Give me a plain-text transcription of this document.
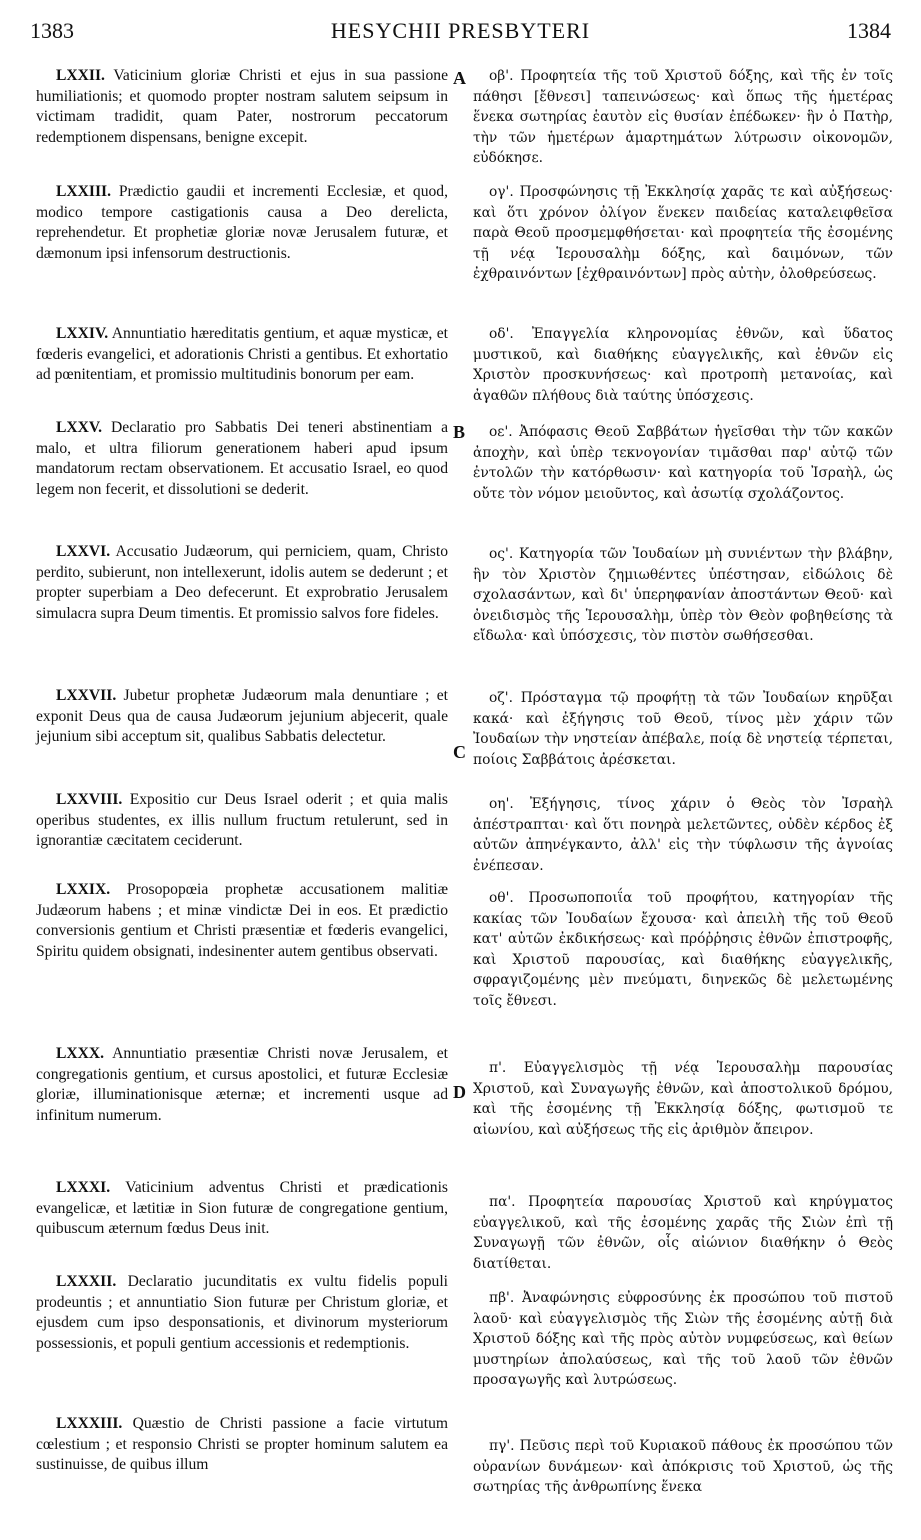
1383	HESYCHII PRESBYTERI	1384
A
B
C
D

LXXII. Vaticinium gloriæ Christi et ejus in sua passione humiliationis; et quomodo propter nostram salutem seipsum in victimam tradidit, quam Pater, nostrorum peccatorum redemptionem dispensans, benigne excepit.

LXXIII. Prædictio gaudii et incrementi Ecclesiæ, et quod, modico tempore castigationis causa a Deo derelicta, reprehendetur. Et prophetiæ gloriæ novæ Jerusalem futuræ, et dæmonum ipsi infensorum destructionis.

LXXIV. Annuntiatio hæreditatis gentium, et aquæ mysticæ, et fœderis evangelici, et adorationis Christi a gentibus. Et exhortatio ad pœnitentiam, et promissio multitudinis bonorum per eam.

LXXV. Declaratio pro Sabbatis Dei teneri abstinentiam a malo, et ultra filiorum generationem haberi apud ipsum mandatorum rectam observationem. Et accusatio Israel, eo quod legem non fecerit, et dissolutioni se dederit.

LXXVI. Accusatio Judæorum, qui perniciem, quam, Christo perdito, subierunt, non intellexerunt, idolis autem se dederunt ; et propter superbiam a Deo defecerunt. Et exprobratio Jerusalem simulacra supra Deum timentis. Et promissio salvos fore fideles.

LXXVII. Jubetur prophetæ Judæorum mala denuntiare ; et exponit Deus qua de causa Judæorum jejunium abjecerit, quale jejunium sibi acceptum sit, qualibus Sabbatis delectetur.

LXXVIII. Expositio cur Deus Israel oderit ; et quia malis operibus studentes, ex illis nullum fructum retulerunt, sed in ignorantiæ cæcitatem ceciderunt.

LXXIX. Prosopopœia prophetæ accusationem malitiæ Judæorum habens ; et minæ vindictæ Dei in eos. Et prædictio conversionis gentium et Christi præsentiæ et fœderis evangelici, Spiritu quidem obsignati, indesinenter autem gentibus observati.

LXXX. Annuntiatio præsentiæ Christi novæ Jerusalem, et congregationis gentium, et cursus apostolici, et futuræ Ecclesiæ gloriæ, illuminationisque æternæ; et incrementi usque ad infinitum numerum.

LXXXI. Vaticinium adventus Christi et prædicationis evangelicæ, et lætitiæ in Sion futuræ de congregatione gentium, quibuscum æternum fœdus Deus init.

LXXXII. Declaratio jucunditatis ex vultu fidelis populi prodeuntis ; et annuntiatio Sion futuræ per Christum gloriæ, et ejusdem cum ipso desponsationis, et divinorum mysteriorum possessionis, et populi gentium accessionis et redemptionis.

LXXXIII. Quæstio de Christi passione a facie virtutum cœlestium ; et responsio Christi se propter hominum salutem ea sustinuisse, de quibus illum

οβ'. Προφητεία τῆς τοῦ Χριστοῦ δόξης, καὶ τῆς ἐν τοῖς πάθησι [ἔθνεσι] ταπεινώσεως· καὶ ὅπως τῆς ἡμετέρας ἕνεκα σωτηρίας ἑαυτὸν εἰς θυσίαν ἐπέδωκεν· ἣν ὁ Πατὴρ, τὴν τῶν ἡμετέρων ἁμαρτημάτων λύτρωσιν οἰκονομῶν, εὐδόκησε.

ογ'. Προσφώνησις τῇ Ἐκκλησίᾳ χαρᾶς τε καὶ αὐξήσεως· καὶ ὅτι χρόνον ὀλίγον ἕνεκεν παιδείας καταλειφθεῖσα παρὰ Θεοῦ προσμεμφθήσεται· καὶ προφητεία τῆς ἐσομένης τῇ νέᾳ Ἱερουσαλὴμ δόξης, καὶ δαιμόνων, τῶν ἐχθραινόντων [ἐχθραινόντων] πρὸς αὐτὴν, ὀλοθρεύσεως.

οδ'. Ἐπαγγελία κληρονομίας ἐθνῶν, καὶ ὕδατος μυστικοῦ, καὶ διαθήκης εὐαγγελικῆς, καὶ ἐθνῶν εἰς Χριστὸν προσκυνήσεως· καὶ προτροπὴ μετανοίας, καὶ ἀγαθῶν πλήθους διὰ ταύτης ὑπόσχεσις.

οε'. Ἀπόφασις Θεοῦ Σαββάτων ἡγεῖσθαι τὴν τῶν κακῶν ἀποχὴν, καὶ ὑπὲρ τεκνογονίαν τιμᾶσθαι παρ' αὐτῷ τῶν ἐντολῶν τὴν κατόρθωσιν· καὶ κατηγορία τοῦ Ἰσραὴλ, ὡς οὔτε τὸν νόμον μειοῦντος, καὶ ἀσωτίᾳ σχολάζοντος.

ος'. Κατηγορία τῶν Ἰουδαίων μὴ συνιέντων τὴν βλάβην, ἣν τὸν Χριστὸν ζημιωθέντες ὑπέστησαν, εἰδώλοις δὲ σχολασάντων, καὶ δι' ὑπερηφανίαν ἀποστάντων Θεοῦ· καὶ ὀνειδισμὸς τῆς Ἱερουσαλὴμ, ὑπὲρ τὸν Θεὸν φοβηθείσης τὰ εἴδωλα· καὶ ὑπόσχεσις, τὸν πιστὸν σωθήσεσθαι.

οζ'. Πρόσταγμα τῷ προφήτῃ τὰ τῶν Ἰουδαίων κηρῦξαι κακά· καὶ ἐξήγησις τοῦ Θεοῦ, τίνος μὲν χάριν τῶν Ἰουδαίων τὴν νηστείαν ἀπέβαλε, ποίᾳ δὲ νηστείᾳ τέρπεται, ποίοις Σαββάτοις ἀρέσκεται.

οη'. Ἐξήγησις, τίνος χάριν ὁ Θεὸς τὸν Ἰσραὴλ ἀπέστραπται· καὶ ὅτι πονηρὰ μελετῶντες, οὐδὲν κέρδος ἐξ αὐτῶν ἀπηνέγκαντο, ἀλλ' εἰς τὴν τύφλωσιν τῆς ἀγνοίας ἐνέπεσαν.

οθ'. Προσωποποιΐα τοῦ προφήτου, κατηγορίαν τῆς κακίας τῶν Ἰουδαίων ἔχουσα· καὶ ἀπειλὴ τῆς τοῦ Θεοῦ κατ' αὐτῶν ἐκδικήσεως· καὶ πρόῤῥησις ἐθνῶν ἐπιστροφῆς, καὶ Χριστοῦ παρουσίας, καὶ διαθήκης εὐαγγελικῆς, σφραγιζομένης μὲν πνεύματι, διηνεκῶς δὲ μελετωμένης τοῖς ἔθνεσι.

π'. Εὐαγγελισμὸς τῇ νέᾳ Ἱερουσαλὴμ παρουσίας Χριστοῦ, καὶ Συναγωγῆς ἐθνῶν, καὶ ἀποστολικοῦ δρόμου, καὶ τῆς ἐσομένης τῇ Ἐκκλησίᾳ δόξης, φωτισμοῦ τε αἰωνίου, καὶ αὐξήσεως τῆς εἰς ἀριθμὸν ἄπειρον.

πα'. Προφητεία παρουσίας Χριστοῦ καὶ κηρύγματος εὐαγγελικοῦ, καὶ τῆς ἐσομένης χαρᾶς τῆς Σιὼν ἐπὶ τῇ Συναγωγῇ τῶν ἐθνῶν, οἷς αἰώνιον διαθήκην ὁ Θεὸς διατίθεται.

πβ'. Ἀναφώνησις εὐφροσύνης ἐκ προσώπου τοῦ πιστοῦ λαοῦ· καὶ εὐαγγελισμὸς τῆς Σιὼν τῆς ἐσομένης αὐτῇ διὰ Χριστοῦ δόξης καὶ τῆς πρὸς αὐτὸν νυμφεύσεως, καὶ θείων μυστηρίων ἀπολαύσεως, καὶ τῆς τοῦ λαοῦ τῶν ἐθνῶν προσαγωγῆς καὶ λυτρώσεως.

πγ'. Πεῦσις περὶ τοῦ Κυριακοῦ πάθους ἐκ προσώπου τῶν οὐρανίων δυνάμεων· καὶ ἀπόκρισις τοῦ Χριστοῦ, ὡς τῆς σωτηρίας τῆς ἀνθρωπίνης ἕνεκα
